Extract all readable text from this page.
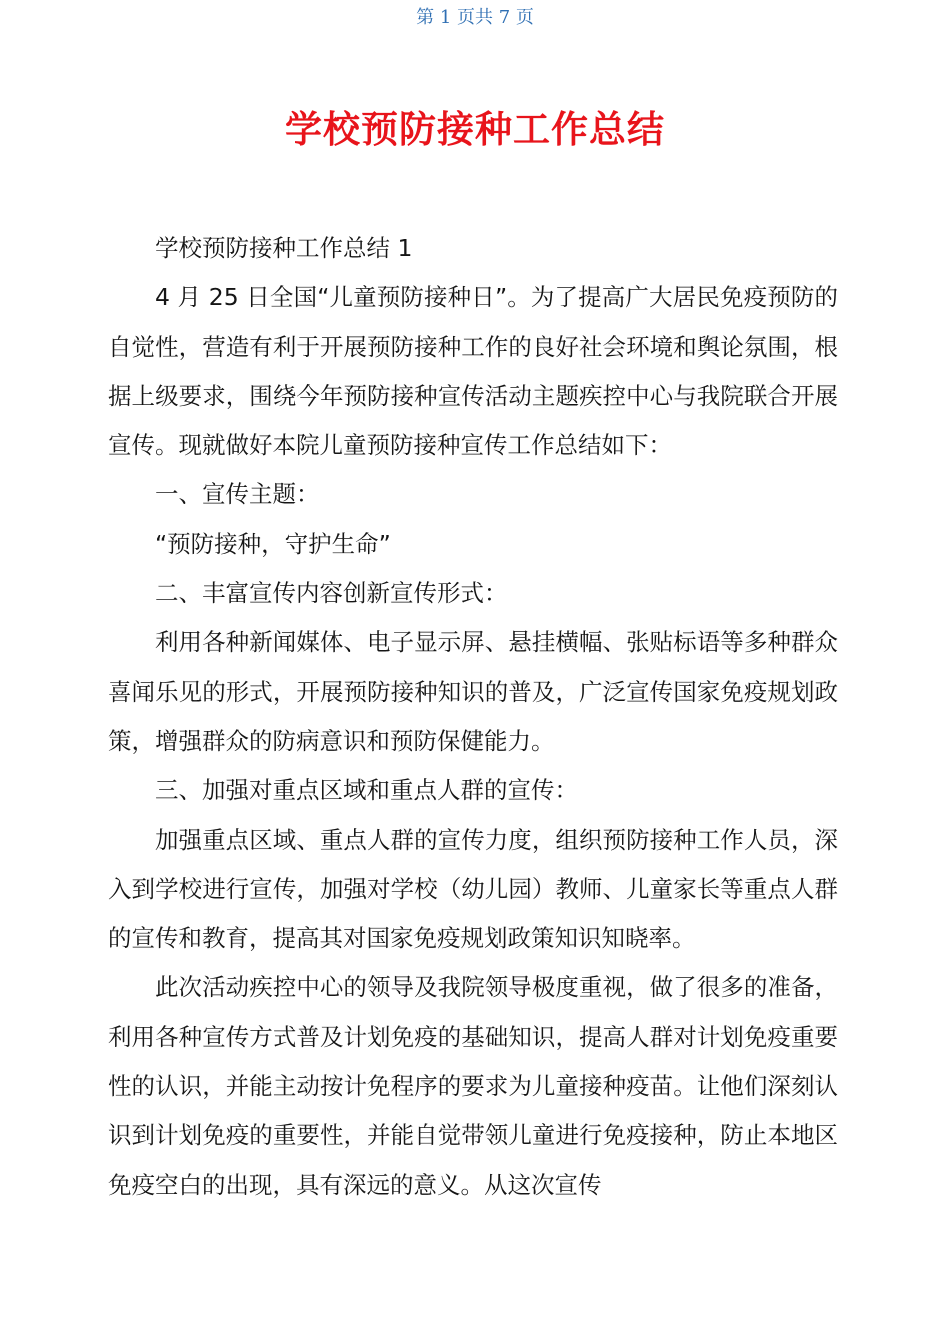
第 1 页共 7 页
学校预防接种工作总结

学校预防接种工作总结 1

4 月 25 日全国“儿童预防接种日”。为了提高广大居民免疫预防的自觉性，营造有利于开展预防接种工作的良好社会环境和舆论氛围，根据上级要求，围绕今年预防接种宣传活动主题疾控中心与我院联合开展宣传。现就做好本院儿童预防接种宣传工作总结如下：

一、宣传主题：

“预防接种，守护生命”

二、丰富宣传内容创新宣传形式：

利用各种新闻媒体、电子显示屏、悬挂横幅、张贴标语等多种群众喜闻乐见的形式，开展预防接种知识的普及，广泛宣传国家免疫规划政策，增强群众的防病意识和预防保健能力。

三、加强对重点区域和重点人群的宣传：

加强重点区域、重点人群的宣传力度，组织预防接种工作人员，深入到学校进行宣传，加强对学校（幼儿园）教师、儿童家长等重点人群的宣传和教育，提高其对国家免疫规划政策知识知晓率。

此次活动疾控中心的领导及我院领导极度重视，做了很多的准备，利用各种宣传方式普及计划免疫的基础知识，提高人群对计划免疫重要性的认识，并能主动按计免程序的要求为儿童接种疫苗。让他们深刻认识到计划免疫的重要性，并能自觉带领儿童进行免疫接种，防止本地区免疫空白的出现，具有深远的意义。从这次宣传
